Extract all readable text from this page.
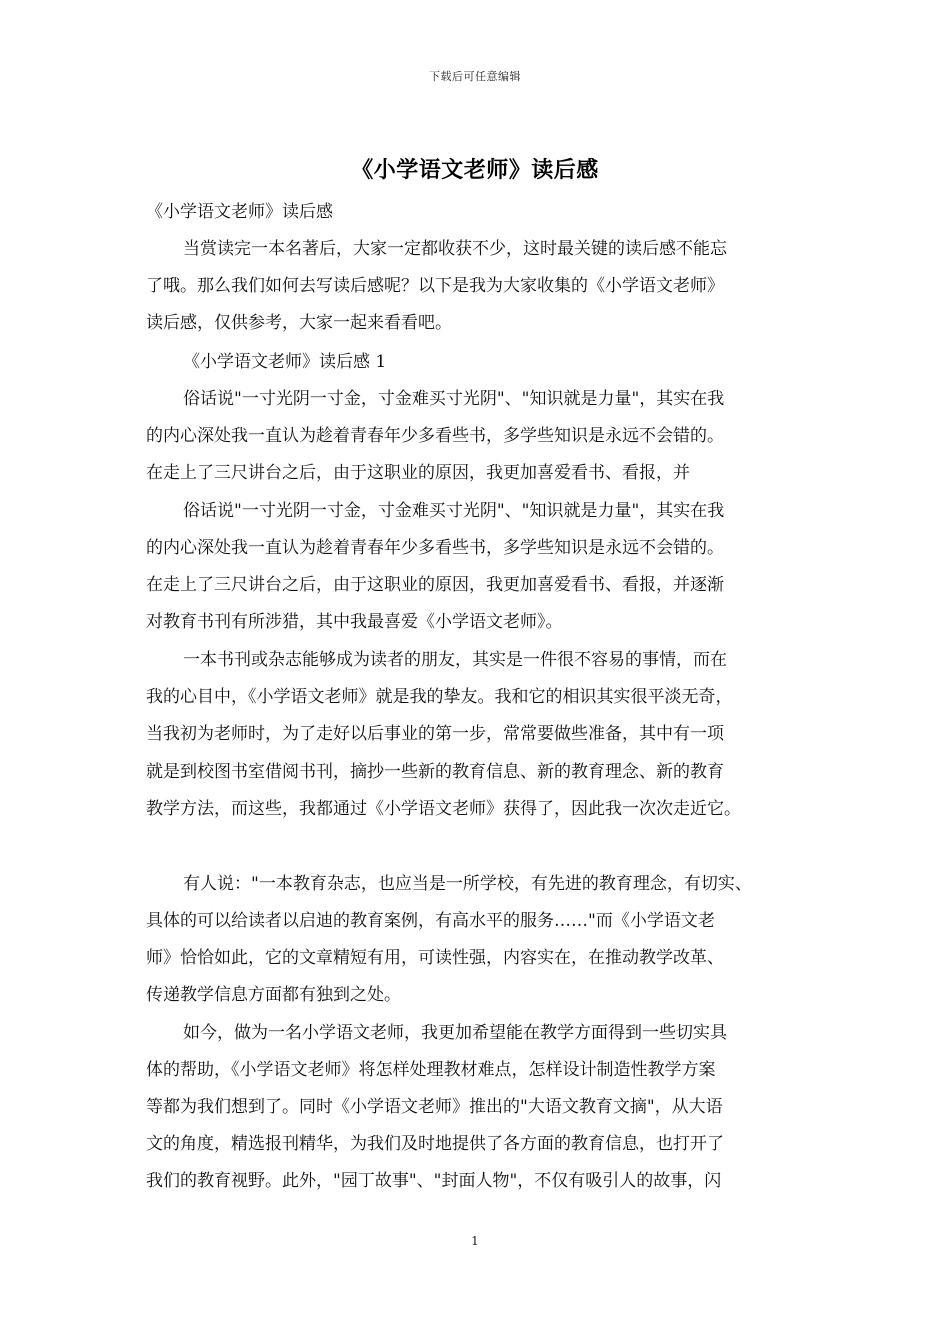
下载后可任意编辑
《小学语文老师》读后感
《小学语文老师》读后感
当赏读完一本名著后，大家一定都收获不少，这时最关键的读后感不能忘
了哦。那么我们如何去写读后感呢？以下是我为大家收集的《小学语文老师》
读后感，仅供参考，大家一起来看看吧。
《小学语文老师》读后感 1
俗话说"一寸光阴一寸金，寸金难买寸光阴"、"知识就是力量"，其实在我
的内心深处我一直认为趁着青春年少多看些书，多学些知识是永远不会错的。
在走上了三尺讲台之后，由于这职业的原因，我更加喜爱看书、看报，并
俗话说"一寸光阴一寸金，寸金难买寸光阴"、"知识就是力量"，其实在我
的内心深处我一直认为趁着青春年少多看些书，多学些知识是永远不会错的。
在走上了三尺讲台之后，由于这职业的原因，我更加喜爱看书、看报，并逐渐
对教育书刊有所涉猎，其中我最喜爱《小学语文老师》。
一本书刊或杂志能够成为读者的朋友，其实是一件很不容易的事情，而在
我的心目中，《小学语文老师》就是我的挚友。我和它的相识其实很平淡无奇，
当我初为老师时，为了走好以后事业的第一步，常常要做些准备，其中有一项
就是到校图书室借阅书刊，摘抄一些新的教育信息、新的教育理念、新的教育
教学方法，而这些，我都通过《小学语文老师》获得了，因此我一次次走近它。
有人说："一本教育杂志，也应当是一所学校，有先进的教育理念，有切实、
具体的可以给读者以启迪的教育案例，有高水平的服务……"而《小学语文老
师》恰恰如此，它的文章精短有用，可读性强，内容实在，在推动教学改革、
传递教学信息方面都有独到之处。
如今，做为一名小学语文老师，我更加希望能在教学方面得到一些切实具
体的帮助，《小学语文老师》将怎样处理教材难点，怎样设计制造性教学方案
等都为我们想到了。同时《小学语文老师》推出的"大语文教育文摘"，从大语
文的角度，精选报刊精华，为我们及时地提供了各方面的教育信息，也打开了
我们的教育视野。此外，"园丁故事"、"封面人物"，不仅有吸引人的故事，闪
1
